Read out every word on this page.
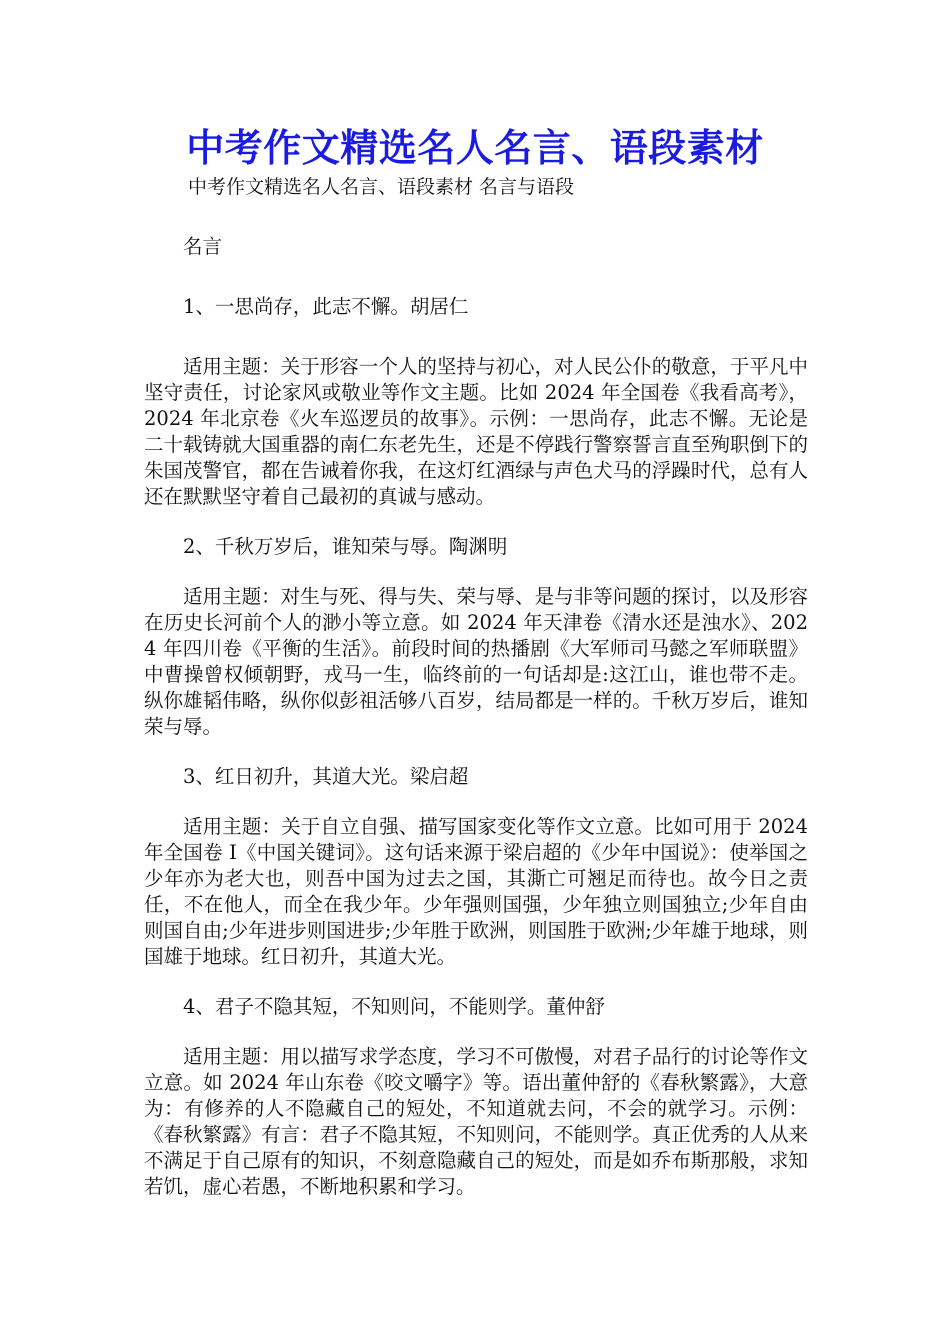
中考作文精选名人名言、语段素材

中考作文精选名人名言、语段素材 名言与语段

名言

1、一思尚存，此志不懈。胡居仁

适用主题：关于形容一个人的坚持与初心，对人民公仆的敬意，于平凡中坚守责任，讨论家风或敬业等作文主题。比如 2024 年全国卷《我看高考》，2024 年北京卷《火车巡逻员的故事》。示例：一思尚存，此志不懈。无论是二十载铸就大国重器的南仁东老先生，还是不停践行警察誓言直至殉职倒下的朱国茂警官，都在告诫着你我，在这灯红酒绿与声色犬马的浮躁时代，总有人还在默默坚守着自己最初的真诚与感动。

2、千秋万岁后，谁知荣与辱。陶渊明

适用主题：对生与死、得与失、荣与辱、是与非等问题的探讨，以及形容在历史长河前个人的渺小等立意。如 2024 年天津卷《清水还是浊水》、2024 年四川卷《平衡的生活》。前段时间的热播剧《大军师司马懿之军师联盟》中曹操曾权倾朝野，戎马一生，临终前的一句话却是:这江山，谁也带不走。纵你雄韬伟略，纵你似彭祖活够八百岁，结局都是一样的。千秋万岁后，谁知荣与辱。

3、红日初升，其道大光。梁启超

适用主题：关于自立自强、描写国家变化等作文立意。比如可用于 2024 年全国卷 I《中国关键词》。这句话来源于梁启超的《少年中国说》：使举国之少年亦为老大也，则吾中国为过去之国，其澌亡可翘足而待也。故今日之责任，不在他人，而全在我少年。少年强则国强，少年独立则国独立;少年自由则国自由;少年进步则国进步;少年胜于欧洲，则国胜于欧洲;少年雄于地球，则国雄于地球。红日初升，其道大光。

4、君子不隐其短，不知则问，不能则学。董仲舒

适用主题：用以描写求学态度，学习不可傲慢，对君子品行的讨论等作文立意。如 2024 年山东卷《咬文嚼字》等。语出董仲舒的《春秋繁露》，大意为：有修养的人不隐藏自己的短处，不知道就去问，不会的就学习。示例：《春秋繁露》有言：君子不隐其短，不知则问，不能则学。真正优秀的人从来不满足于自己原有的知识，不刻意隐藏自己的短处，而是如乔布斯那般，求知若饥，虚心若愚，不断地积累和学习。
